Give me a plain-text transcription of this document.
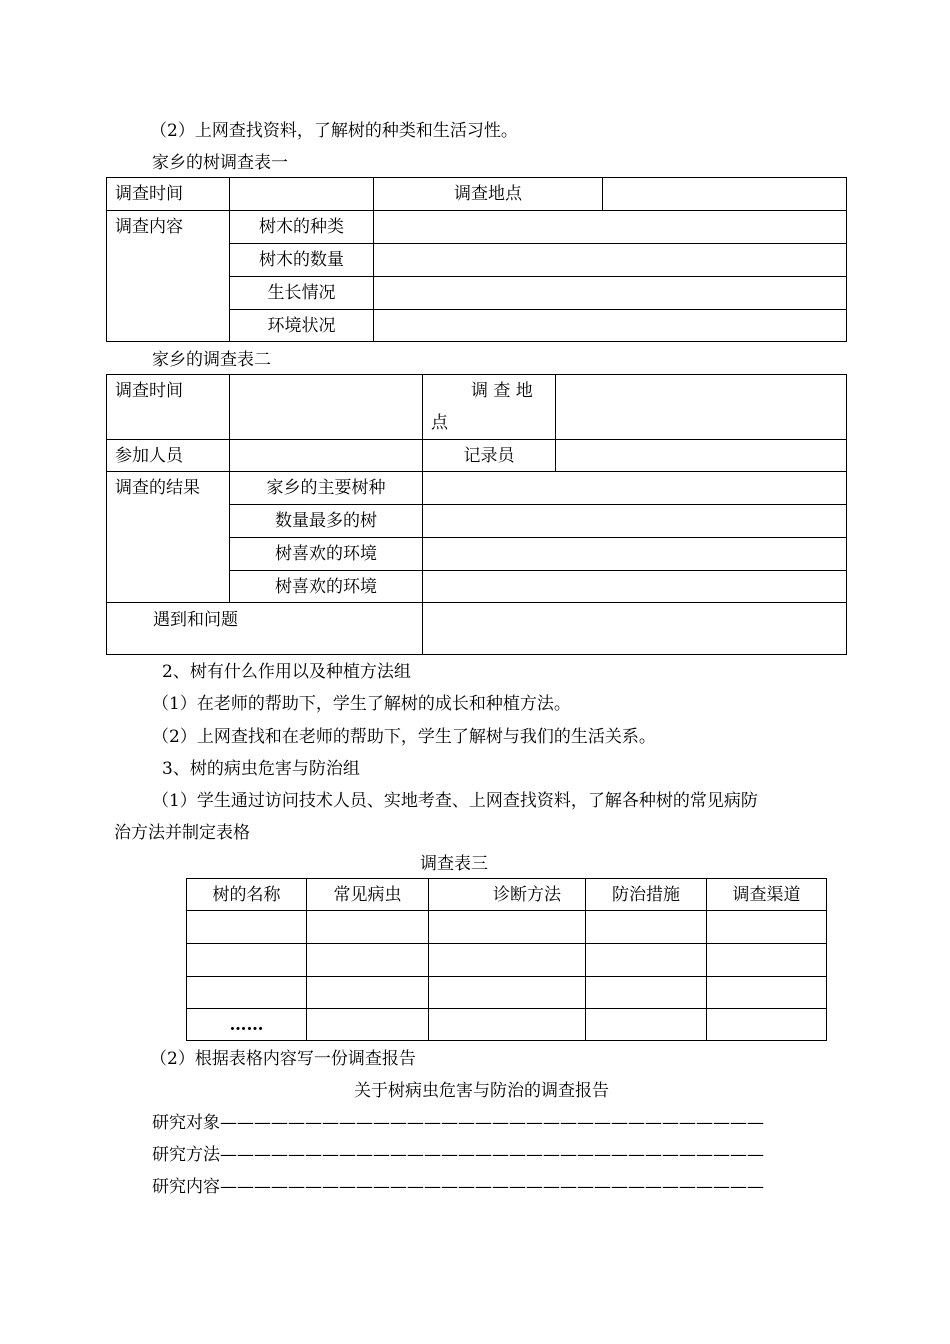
（2）上网查找资料，了解树的种类和生活习性。
家乡的树调查表一
调查时间		调查地点	
调查内容	树木的种类		
	树木的数量		
	生长情况		
	环境状况		
家乡的调查表二
调查时间		调 查 地
点	

参加人员		记录员	
调查的结果	家乡的主要树种		
	数量最多的树		
	树喜欢的环境		
	树喜欢的环境		
遇到和问题			
2、树有什么作用以及种植方法组
（1）在老师的帮助下，学生了解树的成长和种植方法。
（2）上网查找和在老师的帮助下，学生了解树与我们的生活关系。
3、树的病虫危害与防治组
（1）学生通过访问技术人员、实地考查、上网查找资料，了解各种树的常见病防
治方法并制定表格
调查表三
树的名称	常见病虫	诊断方法	防治措施	调查渠道

……				
（2）根据表格内容写一份调查报告
关于树病虫危害与防治的调查报告
研究对象————————————————————————————————
研究方法————————————————————————————————
研究内容————————————————————————————————
